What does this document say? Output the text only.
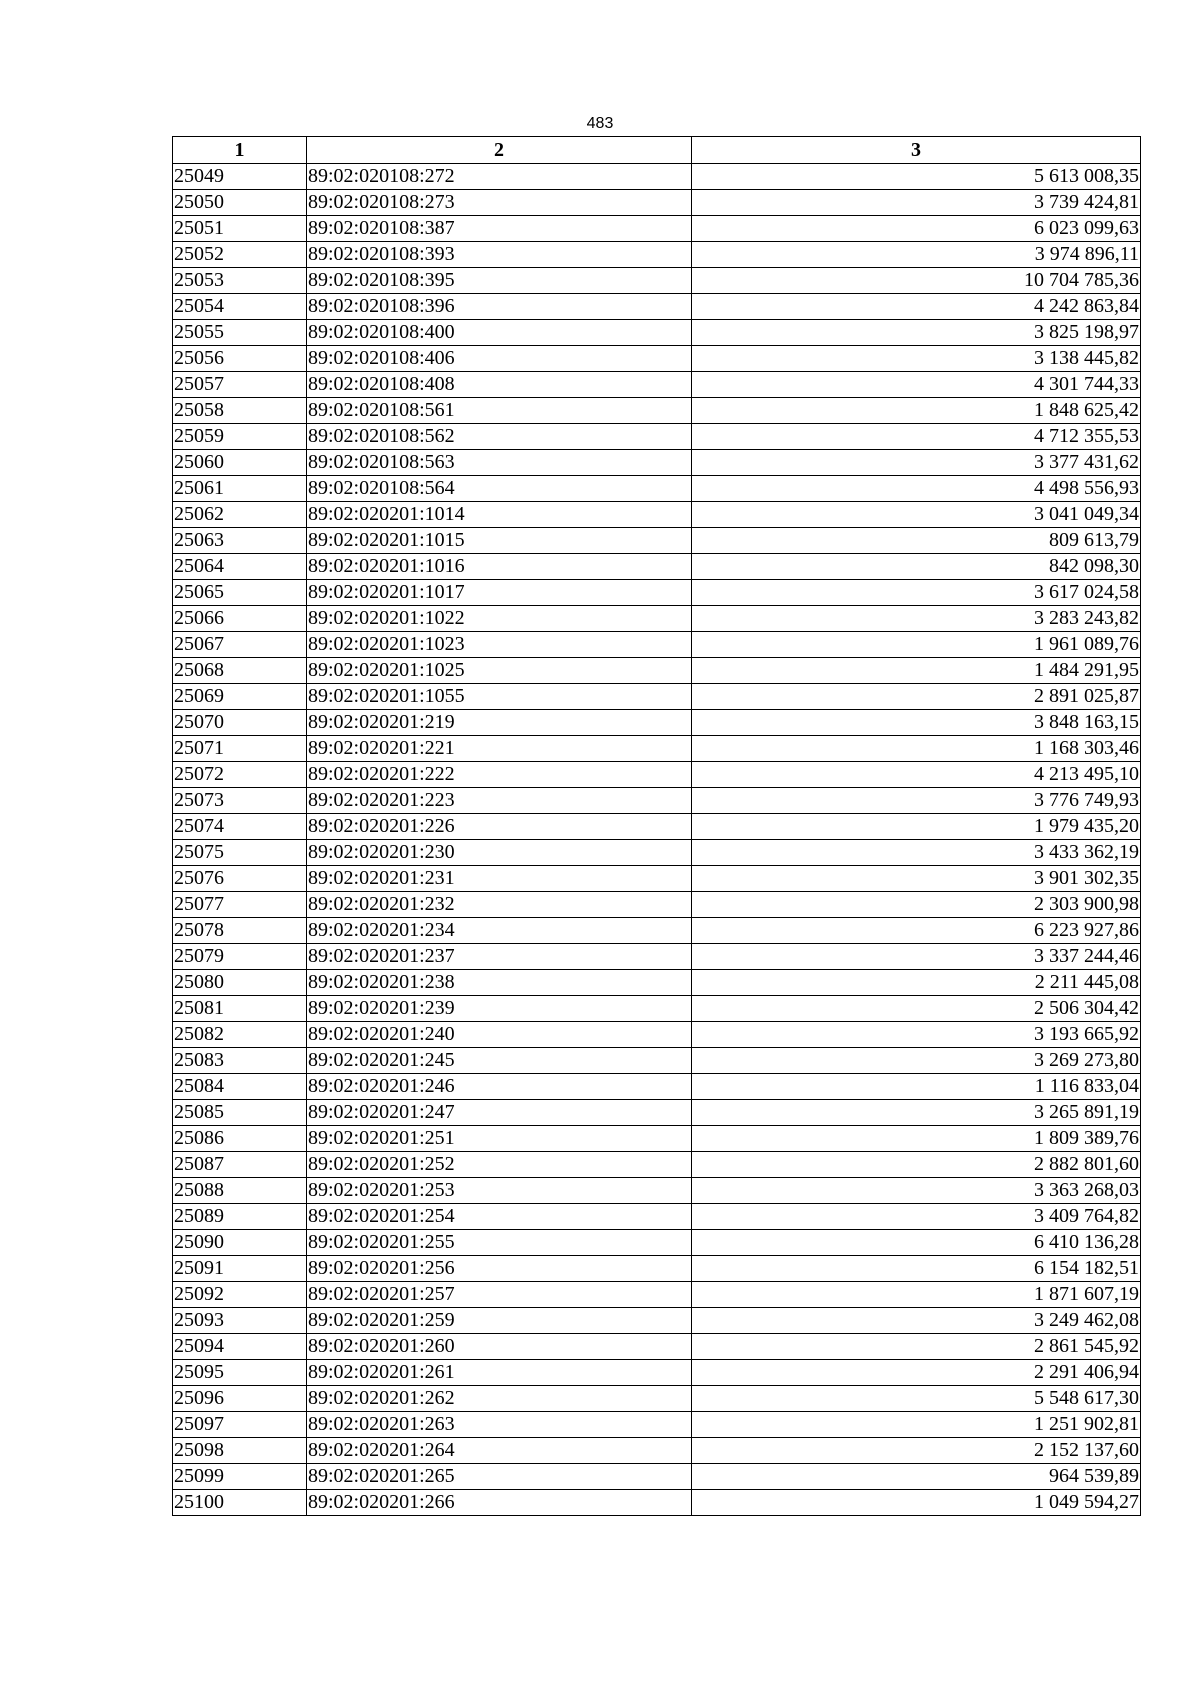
483
1	2	3
25049	89:02:020108:272	5 613 008,35
25050	89:02:020108:273	3 739 424,81
25051	89:02:020108:387	6 023 099,63
25052	89:02:020108:393	3 974 896,11
25053	89:02:020108:395	10 704 785,36
25054	89:02:020108:396	4 242 863,84
25055	89:02:020108:400	3 825 198,97
25056	89:02:020108:406	3 138 445,82
25057	89:02:020108:408	4 301 744,33
25058	89:02:020108:561	1 848 625,42
25059	89:02:020108:562	4 712 355,53
25060	89:02:020108:563	3 377 431,62
25061	89:02:020108:564	4 498 556,93
25062	89:02:020201:1014	3 041 049,34
25063	89:02:020201:1015	809 613,79
25064	89:02:020201:1016	842 098,30
25065	89:02:020201:1017	3 617 024,58
25066	89:02:020201:1022	3 283 243,82
25067	89:02:020201:1023	1 961 089,76
25068	89:02:020201:1025	1 484 291,95
25069	89:02:020201:1055	2 891 025,87
25070	89:02:020201:219	3 848 163,15
25071	89:02:020201:221	1 168 303,46
25072	89:02:020201:222	4 213 495,10
25073	89:02:020201:223	3 776 749,93
25074	89:02:020201:226	1 979 435,20
25075	89:02:020201:230	3 433 362,19
25076	89:02:020201:231	3 901 302,35
25077	89:02:020201:232	2 303 900,98
25078	89:02:020201:234	6 223 927,86
25079	89:02:020201:237	3 337 244,46
25080	89:02:020201:238	2 211 445,08
25081	89:02:020201:239	2 506 304,42
25082	89:02:020201:240	3 193 665,92
25083	89:02:020201:245	3 269 273,80
25084	89:02:020201:246	1 116 833,04
25085	89:02:020201:247	3 265 891,19
25086	89:02:020201:251	1 809 389,76
25087	89:02:020201:252	2 882 801,60
25088	89:02:020201:253	3 363 268,03
25089	89:02:020201:254	3 409 764,82
25090	89:02:020201:255	6 410 136,28
25091	89:02:020201:256	6 154 182,51
25092	89:02:020201:257	1 871 607,19
25093	89:02:020201:259	3 249 462,08
25094	89:02:020201:260	2 861 545,92
25095	89:02:020201:261	2 291 406,94
25096	89:02:020201:262	5 548 617,30
25097	89:02:020201:263	1 251 902,81
25098	89:02:020201:264	2 152 137,60
25099	89:02:020201:265	964 539,89
25100	89:02:020201:266	1 049 594,27
